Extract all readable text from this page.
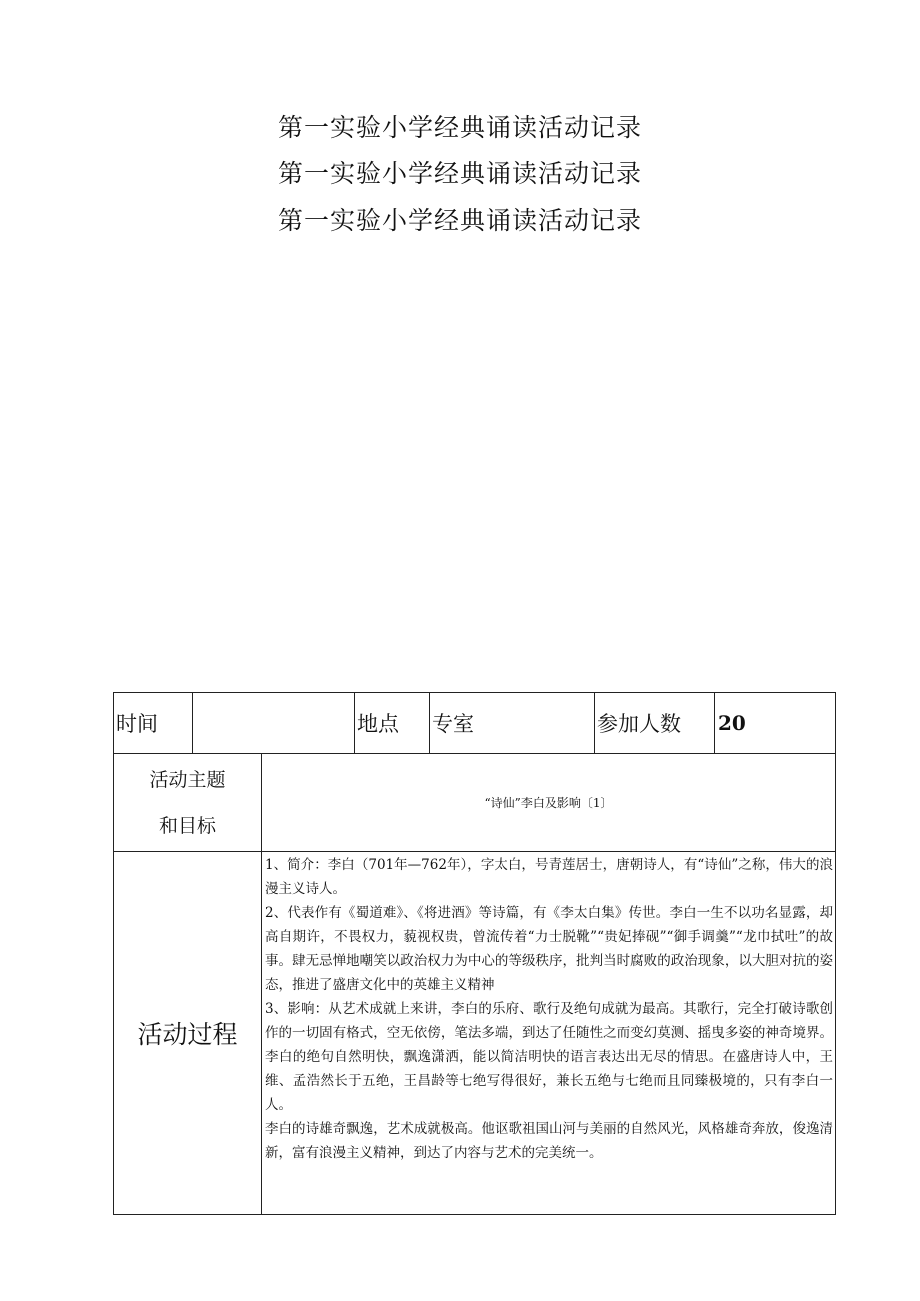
第一实验小学经典诵读活动记录
第一实验小学经典诵读活动记录
第一实验小学经典诵读活动记录
时间			地点	专室	参加人数	20

活动主题
和目标		“诗仙”李白及影响〔1〕				
活动过程		1、简介：李白（701年—762年），字太白，号青莲居士，唐朝诗人，有“诗仙”之称，伟大的浪漫主义诗人。

2、代表作有《蜀道难》、《将进酒》等诗篇，有《李太白集》传世。李白一生不以功名显露，却高自期许，不畏权力，藐视权贵，曾流传着“力士脱靴”“贵妃捧砚”“御手调羹”“龙巾拭吐”的故事。肆无忌惮地嘲笑以政治权力为中心的等级秩序，批判当时腐败的政治现象，以大胆对抗的姿态，推进了盛唐文化中的英雄主义精神

3、影响：从艺术成就上来讲，李白的乐府、歌行及绝句成就为最高。其歌行，完全打破诗歌创作的一切固有格式，空无依傍，笔法多端，到达了任随性之而变幻莫测、摇曳多姿的神奇境界。李白的绝句自然明快，飘逸潇洒，能以简洁明快的语言表达出无尽的情思。在盛唐诗人中，王维、孟浩然长于五绝，王昌龄等七绝写得很好，兼长五绝与七绝而且同臻极境的，只有李白一人。

李白的诗雄奇飘逸，艺术成就极高。他讴歌祖国山河与美丽的自然风光，风格雄奇奔放，俊逸清新，富有浪漫主义精神，到达了内容与艺术的完美统一。				
